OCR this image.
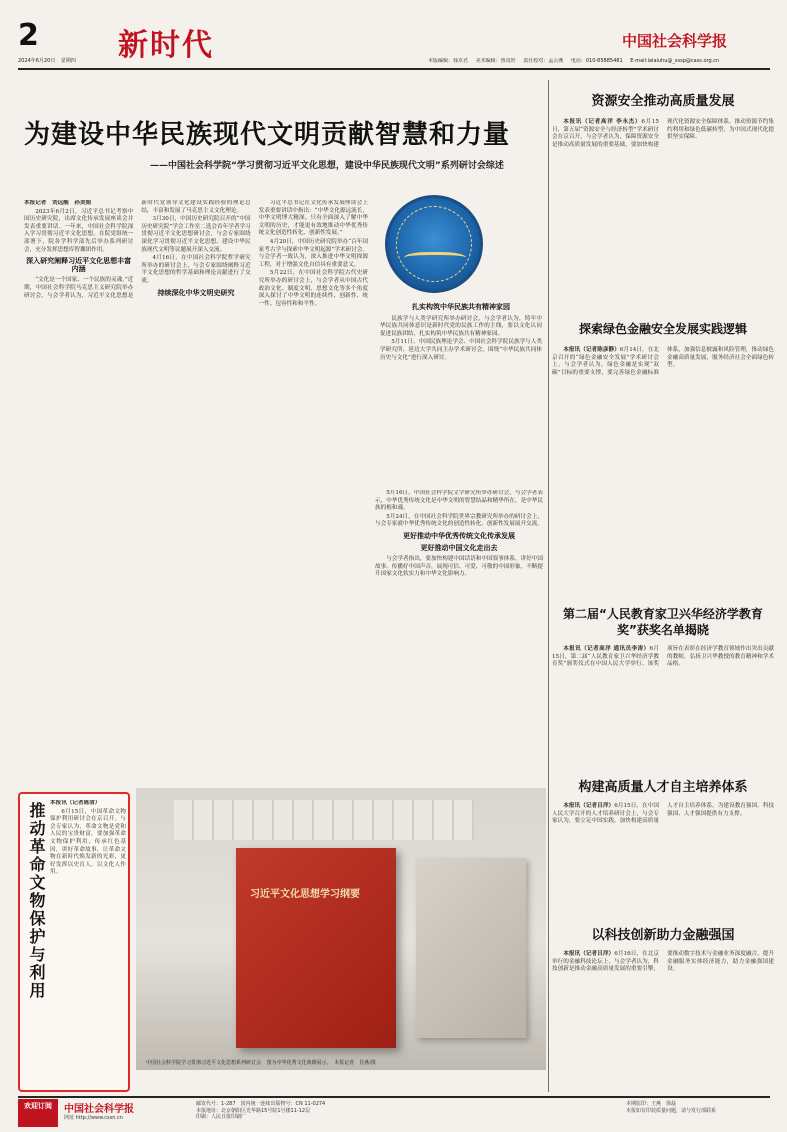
2	新时代
2024年6月20日 星期四
中国社会科学报
本版编辑：钱卓君 美术编辑：鲁真轩 责任校对：孟云燕 电话：010-85885481 E-mail:lalaiuhu@_sssp@cass.org.cn
为建设中华民族现代文明贡献智慧和力量
——中国社会科学院“学习贯彻习近平文化思想，建设中华民族现代文明”系列研讨会综述
资源安全推动高质量发展

本报讯（记者高洋 李永杰）6月15日，第五届“资源安全与经济转型”学术研讨会在京召开。与会学者认为，保障资源安全是推动高质量发展的重要基础，要加快构建现代化资源安全保障体系，推动资源节约集约利用和绿色低碳转型，为中国式现代化提供坚实保障。

探索绿色金融安全发展实践逻辑

本报讯（记者陈彦静）6月14日，在北京召开的“绿色金融安全发展”学术研讨会上，与会学者认为，绿色金融是实现“双碳”目标的重要支撑，要完善绿色金融标准体系，加强信息披露和风险管理，推动绿色金融高质量发展，服务经济社会全面绿色转型。

第二届“人民教育家卫兴华经济学教育奖”获奖名单揭晓

本报讯（记者高洋 通讯员李涛）6月15日，第二届“人民教育家卫兴华经济学教育奖”颁奖仪式在中国人民大学举行。该奖项旨在表彰在经济学教育领域作出突出贡献的教师，弘扬卫兴华教授的教育精神和学术品格。

构建高质量人才自主培养体系

本报讯（记者吕洋）6月15日，在中国人民大学召开的人才培养研讨会上，与会专家认为，要立足中国实践，加快构建高质量人才自主培养体系，为建设教育强国、科技强国、人才强国提供有力支撑。

以科技创新助力金融强国

本报讯（记者吕洋）6月16日，在北京举行的金融科技论坛上，与会学者认为，科技创新是推动金融高质量发展的重要引擎，要推动数字技术与金融业务深度融合，提升金融服务实体经济能力，助力金融强国建设。

本报记者　刘远舰　孙美娟

2023年6月2日，习近平总书记考察中国历史研究院，出席文化传承发展座谈会并发表重要讲话。一年来，中国社会科学院深入学习贯彻习近平文化思想，在院党组统一部署下，院各学科学部先后举办系列研讨会，充分发挥思想库智囊团作用。

深入研究阐释习近平文化思想丰富内涵

“文化是一个国家、一个民族的灵魂。”近期，中国社会科学院马克思主义研究院举办研讨会，与会学者认为，习近平文化思想是新时代党领导文化建设实践经验的理论总结，丰富和发展了马克思主义文化理论。

3月30日，中国历史研究院召开的“中国历史研究院”学会工作室二选会首年学者学习贯彻习近平文化思想研讨会，与会专家围绕深化学习贯彻习近平文化思想、建设中华民族现代文明等议题展开深入交流。

4月16日，在中国社会科学院哲学研究所举办的研讨会上，与会专家围绕阐释习近平文化思想的哲学基础和理论贡献进行了交流。

持续深化中华文明史研究

习近平总书记在文化传承发展座谈会上发表重要讲话中指出：“中华文化源远流长，中华文明博大精深。只有全面深入了解中华文明的历史，才能更有效地推动中华优秀传统文化创造性转化、创新性发展。”

4月20日，中国历史研究院举办“百年国家考古学与探索中华文明起源”学术研讨会。与会学者一致认为，深入推进中华文明探源工程，对于增强文化自信具有重要意义。

5月22日，在中国社会科学院古代史研究所举办的研讨会上，与会学者从中国古代政治文化、制度文明、思想文化等多个角度深入探讨了中华文明的连续性、创新性、统一性、包容性和和平性。	扎实构筑中华民族共有精神家园

民族学与人类学研究所举办研讨会，与会学者认为，铸牢中华民族共同体意识是新时代党的民族工作的主线，要以文化认同促进民族团结，扎实构筑中华民族共有精神家园。

5月11日，中国民族理论学会、中国社会科学院民族学与人类学研究所、延边大学共同主办学术研讨会，围绕“中华民族共同体历史与文化”进行深入研讨。

5月16日，中国社会科学院文学研究所举办研讨会，与会学者表示，中华优秀传统文化是中华文明的智慧结晶和精华所在，是中华民族的根和魂。

5月24日，在中国社会科学院世界宗教研究所举办的研讨会上，与会专家就中华优秀传统文化的创造性转化、创新性发展展开交流。

更好推动中华优秀传统文化传承发展

更好推动中国文化走出去

与会学者指出，要加快构建中国话语和中国叙事体系，讲好中国故事、传播好中国声音，展现可信、可爱、可敬的中国形象，不断提升国家文化软实力和中华文化影响力。

习近平文化思想学习纲要
中国社会科学院学习贯彻习近平文化思想系列研讨会 图为中华优秀文化典籍展示。　本报记者　肖燕/摄
推动革命文物保护与利用 本报讯（记者陈清）

6月15日，中国革命文物保护利用研讨会在京召开。与会专家认为，革命文物是党和人民的宝贵财富，要加强革命文物保护利用，传承红色基因，讲好革命故事，让革命文物在新时代焕发新的光彩，更好发挥以史育人、以文化人作用。

欢迎订阅	中国社会科学报
网址 http://www.cssn.cn
邮发代号：1-287　国内统一连续出版物号：CN 11-0274
本报地址：北京朝阳区光华路15号院1号楼11-12层
印刷：人民日报印刷厂
本期监印：王燕　徐磊
本报如有印装质量问题，请与发行部联系
